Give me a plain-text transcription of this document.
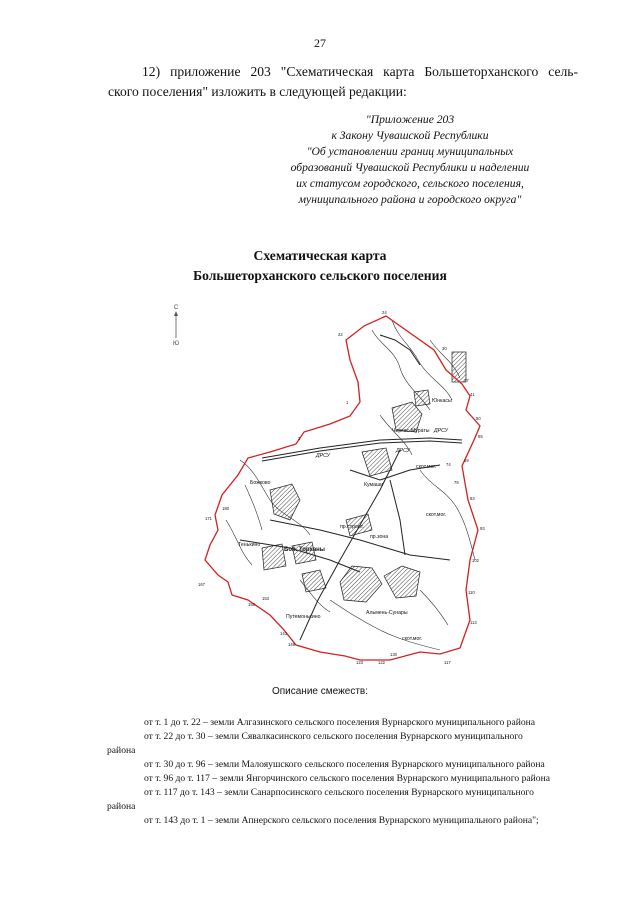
27
12) приложение 203 "Схематическая карта Большеторханского сель-
ского поселения" изложить в следующей редакции:
"Приложение 203
к Закону Чувашской Республики
"Об установлении границ муниципальных
образований Чувашской Республики и наделении
их статусом городского, сельского поселения,
муниципального района и городского округа"
Схематическая карта
Большеторханского сельского поселения
С
Ю
Чиркас-Мураты
Юнкасы
Кумаши
Божково
Тенькино
Бол. Торханы
Альмень-Сунары
Путемонькино
ДРСУ
ДРСУ
ДРСУ
скот.мог.
скот.мог.
скот.мог.
пр.строит.
пр.зона
24
22
30
37
41
50
55
69
74
79
83
93
102
110
113
117
122
123
130
143
148
153
155
167
171
180
3
1
Описание смежеств:
от т. 1 до т. 22 – земли Алгазинского сельского поселения Вурнарского муниципального района
от т. 22 до т. 30 – земли Сявалкасинского сельского поселения Вурнарского муниципального
района
от т. 30 до т. 96 – земли Малояушского сельского поселения Вурнарского муниципального района
от т. 96 до т. 117 – земли Янгорчинского сельского поселения Вурнарского муниципального района
от т. 117 до т. 143 – земли Санарпосинского сельского поселения Вурнарского муниципального
района
от т. 143 до т. 1 – земли Апнерского сельского поселения Вурнарского муниципального района";
